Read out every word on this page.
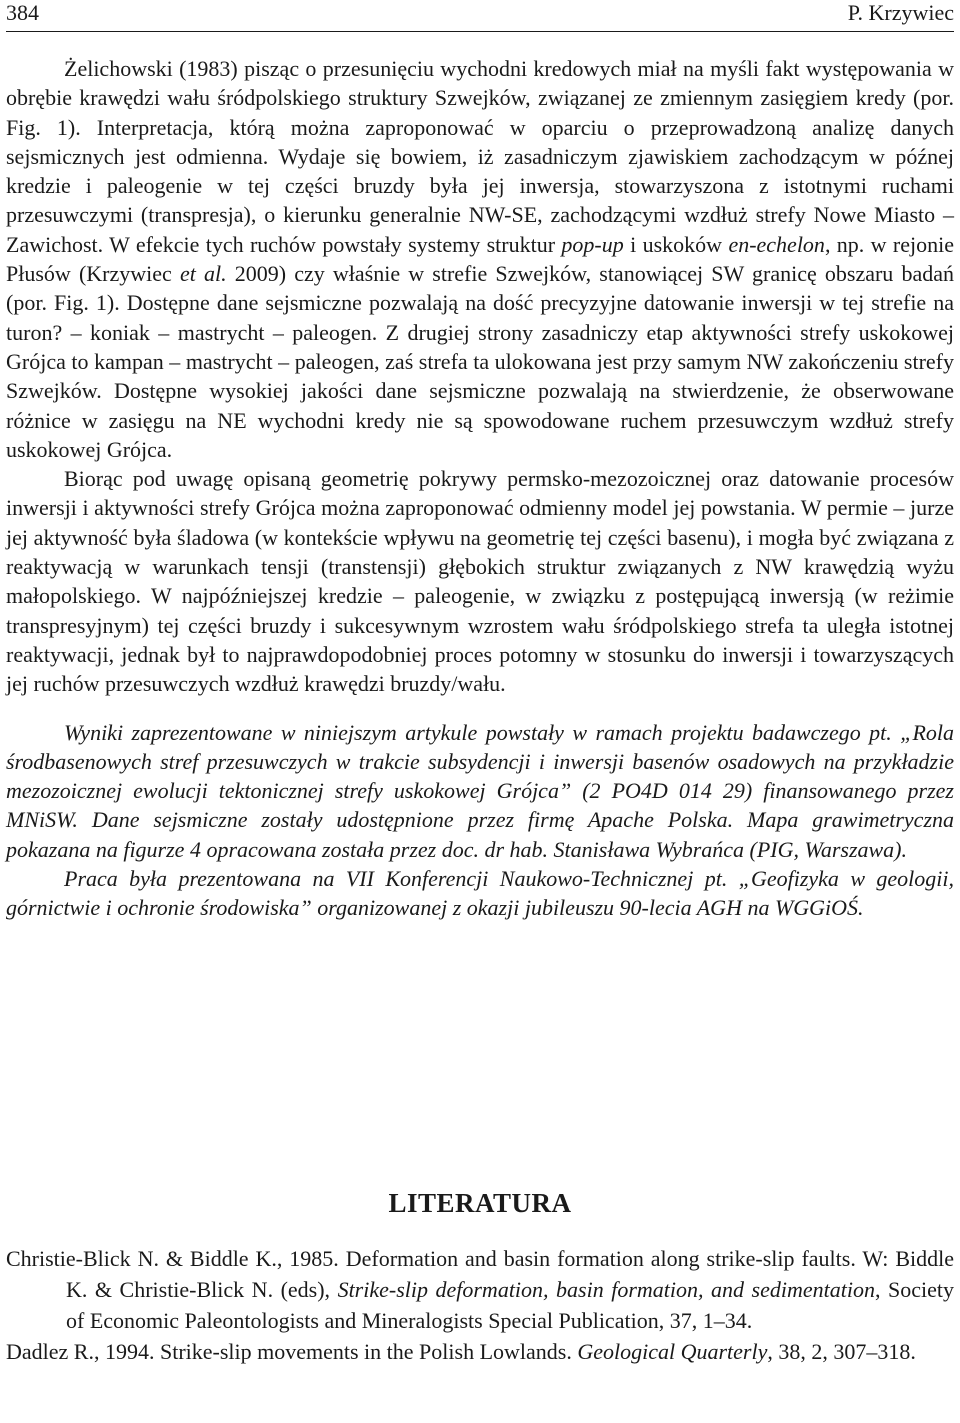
384	P. Krzywiec

Żelichowski (1983) pisząc o przesunięciu wychodni kredowych miał na myśli fakt występowania w obrębie krawędzi wału śródpolskiego struktury Szwejków, związanej ze zmiennym zasięgiem kredy (por. Fig. 1). Interpretacja, którą można zaproponować w oparciu o przeprowadzoną analizę danych sejsmicznych jest odmienna. Wydaje się bowiem, iż zasadniczym zjawiskiem zachodzącym w późnej kredzie i paleogenie w tej części bruzdy była jej inwersja, stowarzyszona z istotnymi ruchami przesuwczymi (transpresja), o kierunku generalnie NW-SE, zachodzącymi wzdłuż strefy Nowe Miasto – Zawichost. W efekcie tych ruchów powstały systemy struktur pop-up i uskoków en-echelon, np. w rejonie Płusów (Krzywiec et al. 2009) czy właśnie w strefie Szwejków, stanowiącej SW granicę obszaru badań (por. Fig. 1). Dostępne dane sejsmiczne pozwalają na dość precyzyjne datowanie inwersji w tej strefie na turon? – koniak – mastrycht – paleogen. Z drugiej strony zasadniczy etap aktywności strefy uskokowej Grójca to kampan – mastrycht – paleogen, zaś strefa ta ulokowana jest przy samym NW zakończeniu strefy Szwejków. Dostępne wysokiej jakości dane sejsmiczne pozwalają na stwierdzenie, że obserwowane różnice w zasięgu na NE wychodni kredy nie są spowodowane ruchem przesuwczym wzdłuż strefy uskokowej Grójca.

Biorąc pod uwagę opisaną geometrię pokrywy permsko-mezozoicznej oraz datowanie procesów inwersji i aktywności strefy Grójca można zaproponować odmienny model jej powstania. W permie – jurze jej aktywność była śladowa (w kontekście wpływu na geometrię tej części basenu), i mogła być związana z reaktywacją w warunkach tensji (transtensji) głębokich struktur związanych z NW krawędzią wyżu małopolskiego. W najpóźniejszej kredzie – paleogenie, w związku z postępującą inwersją (w reżimie transpresyjnym) tej części bruzdy i sukcesywnym wzrostem wału śródpolskiego strefa ta uległa istotnej reaktywacji, jednak był to najprawdopodobniej proces potomny w stosunku do inwersji i towarzyszących jej ruchów przesuwczych wzdłuż krawędzi bruzdy/wału.

Wyniki zaprezentowane w niniejszym artykule powstały w ramach projektu badawczego pt. „Rola środbasenowych stref przesuwczych w trakcie subsydencji i inwersji basenów osadowych na przykładzie mezozoicznej ewolucji tektonicznej strefy uskokowej Grójca” (2 PO4D 014 29) finansowanego przez MNiSW. Dane sejsmiczne zostały udostępnione przez firmę Apache Polska. Mapa grawimetryczna pokazana na figurze 4 opracowana została przez doc. dr hab. Stanisława Wybrańca (PIG, Warszawa).

Praca była prezentowana na VII Konferencji Naukowo-Technicznej pt. „Geofizyka w geologii, górnictwie i ochronie środowiska” organizowanej z okazji jubileuszu 90-lecia AGH na WGGiOŚ.

LITERATURA

Christie-Blick N. & Biddle K., 1985. Deformation and basin formation along strike-slip faults. W: Biddle K. & Christie-Blick N. (eds), Strike-slip deformation, basin formation, and sedimentation, Society of Economic Paleontologists and Mineralogists Special Publication, 37, 1–34.

Dadlez R., 1994. Strike-slip movements in the Polish Lowlands. Geological Quarterly, 38, 2, 307–318.
